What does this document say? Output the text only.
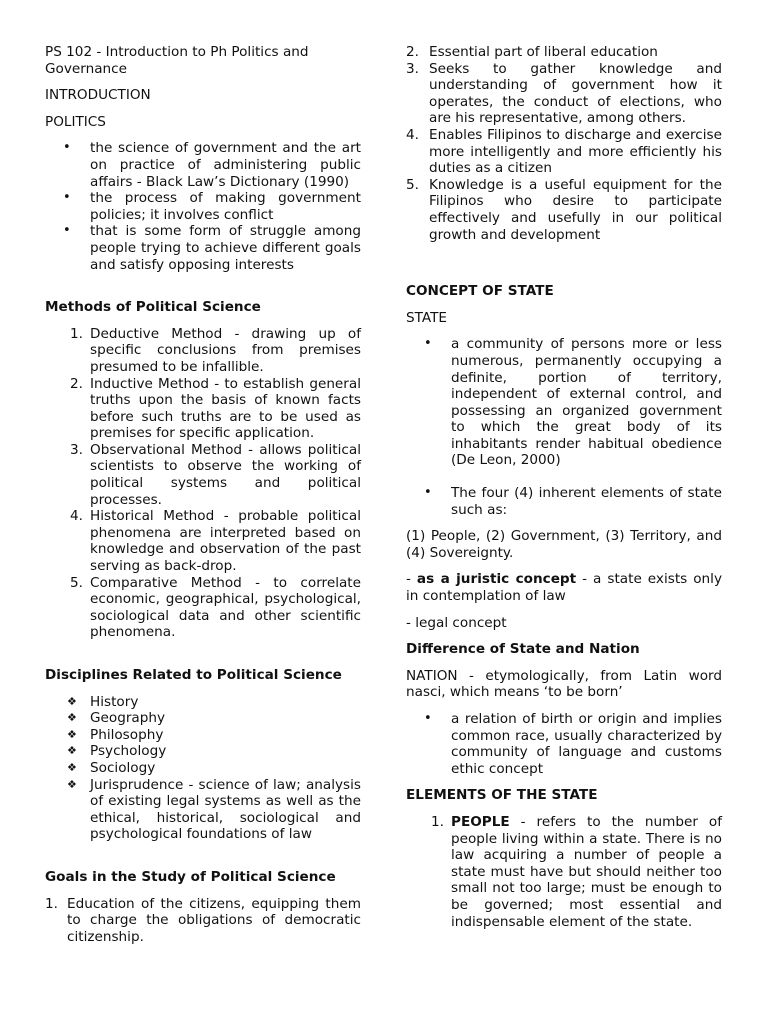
PS 102 - Introduction to Ph Politics and Governance

INTRODUCTION

POLITICS

•	the science of government and the art on practice of administering public affairs - Black Law’s Dictionary (1990)
•	the process of making government policies; it involves conflict
•	that is some form of struggle among people trying to achieve different goals and satisfy opposing interests
Methods of Political Science
1. Deductive Method - drawing up of specific conclusions from premises presumed to be infallible.
2. Inductive Method - to establish general truths upon the basis of known facts before such truths are to be used as premises for specific application.
3. Observational Method - allows political scientists to observe the working of political systems and political processes.
4. Historical Method - probable political phenomena are interpreted based on knowledge and observation of the past serving as back-drop.
5. Comparative Method - to correlate economic, geographical, psychological, sociological data and other scientific phenomena.
Disciplines Related to Political Science
❖ History
❖ Geography
❖ Philosophy
❖ Psychology
❖ Sociology
❖ Jurisprudence - science of law; analysis of existing legal systems as well as the ethical, historical, sociological and psychological foundations of law
Goals in the Study of Political Science
1. Education of the citizens, equipping them to charge the obligations of democratic citizenship.
2. Essential part of liberal education
3. Seeks to gather knowledge and understanding of government how it operates, the conduct of elections, who are his representative, among others.
4. Enables Filipinos to discharge and exercise more intelligently and more efficiently his duties as a citizen
5. Knowledge is a useful equipment for the Filipinos who desire to participate effectively and usefully in our political growth and development
CONCEPT OF STATE

STATE

•	a community of persons more or less numerous, permanently occupying a definite, portion of territory, independent of external control, and possessing an organized government to which the great body of its inhabitants render habitual obedience (De Leon, 2000)
•	The four (4) inherent elements of state such as:

(1) People, (2) Government, (3) Territory, and (4) Sovereignty.

- as a juristic concept - a state exists only in contemplation of law

- legal concept

Difference of State and Nation

NATION - etymologically, from Latin word nasci, which means ‘to be born’

•	a relation of birth or origin and implies common race, usually characterized by community of language and customs ethic concept
ELEMENTS OF THE STATE
1. PEOPLE - refers to the number of people living within a state. There is no law acquiring a number of people a state must have but should neither too small not too large; must be enough to be governed; most essential and indispensable element of the state.
